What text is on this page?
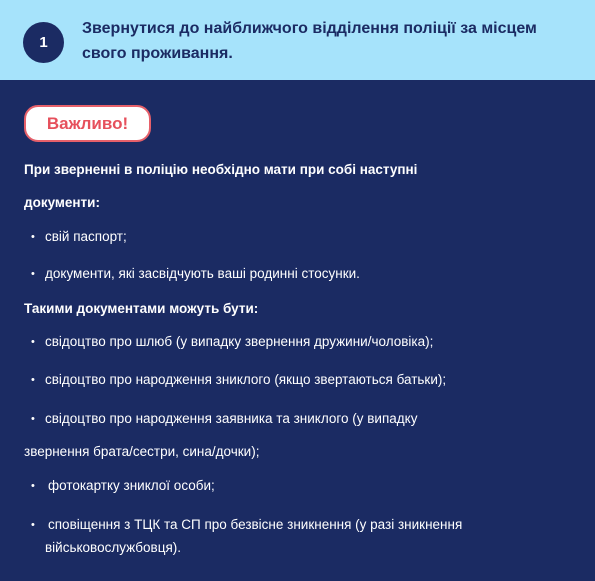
1
Звернутися до найближчого відділення поліції за місцем свого проживання.
Важливо!
При зверненні в поліцію необхідно мати при собі наступні
документи:
• свій паспорт;
• документи, які засвідчують ваші родинні стосунки.
Такими документами можуть бути:
• свідоцтво про шлюб (у випадку звернення дружини/чоловіка);
• свідоцтво про народження зниклого (якщо звертаються батьки);
• свідоцтво про народження заявника та зниклого (у випадку
звернення брата/сестри, сина/дочки);
• фотокартку зниклої особи;
• сповіщення з ТЦК та СП про безвісне зникнення (у разі зникнення
військовослужбовця).
